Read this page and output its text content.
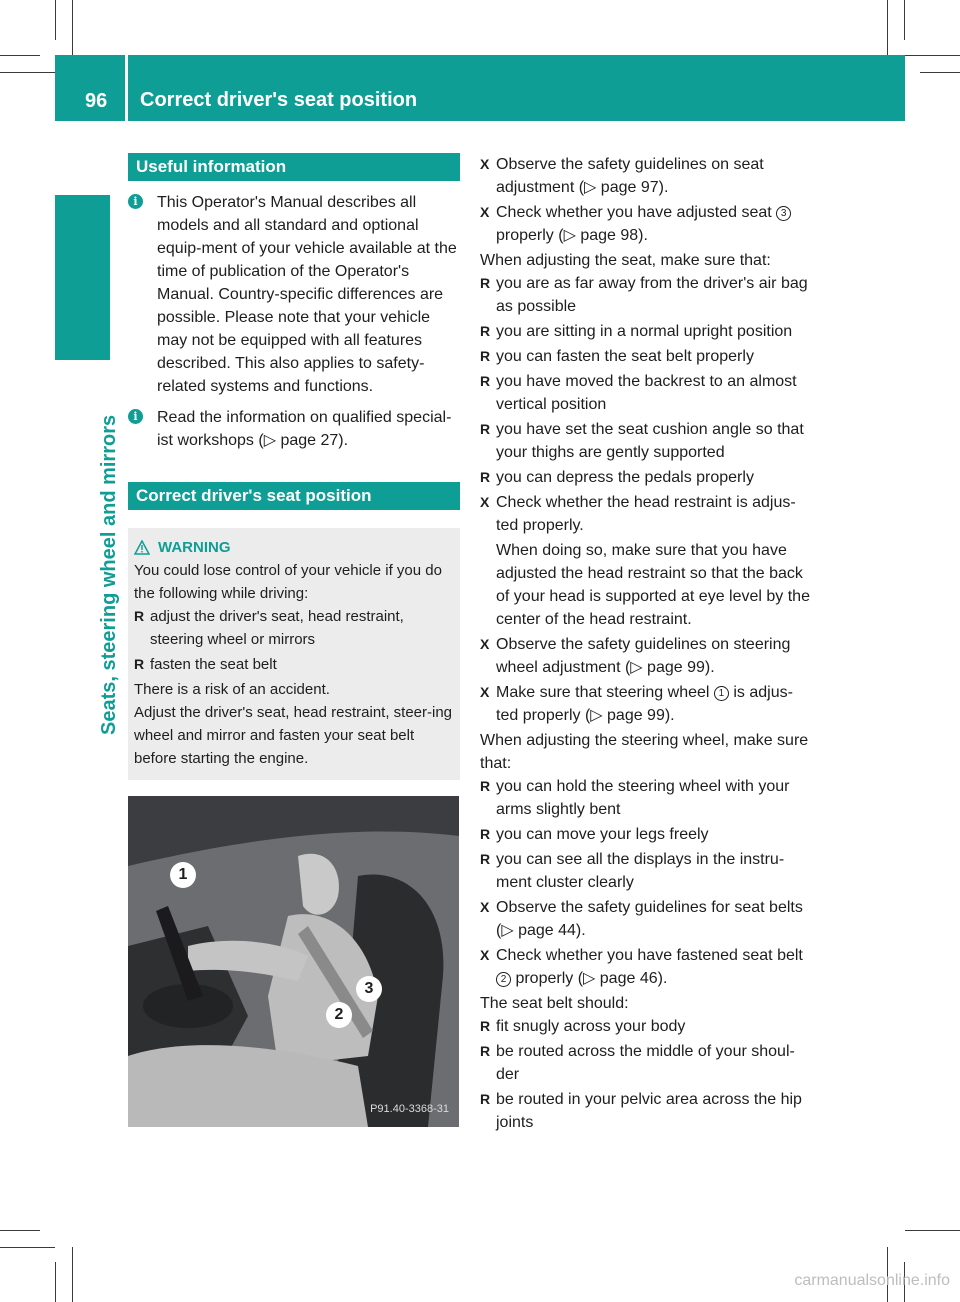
96 Correct driver's seat position
Seats, steering wheel and mirrors
Useful information
i	This Operator's Manual describes all models and all standard and optional equip-ment of your vehicle available at the time of publication of the Operator's Manual. Country-specific differences are possible. Please note that your vehicle may not be equipped with all features described. This also applies to safety-related systems and functions.
i	Read the information on qualified special-ist workshops (▷ page 27).
Correct driver's seat position
WARNING
You could lose control of your vehicle if you do the following while driving:
R adjust the driver's seat, head restraint, steering wheel or mirrors
R fasten the seat belt
There is a risk of an accident.
Adjust the driver's seat, head restraint, steer-ing wheel and mirror and fasten your seat belt before starting the engine.
1
2
3
P91.40-3368-31
X Observe the safety guidelines on seat adjustment (▷ page 97).
X Check whether you have adjusted seat 3 properly (▷ page 98).
When adjusting the seat, make sure that:
R you are as far away from the driver's air bag as possible
R you are sitting in a normal upright position
R you can fasten the seat belt properly
R you have moved the backrest to an almost vertical position
R you have set the seat cushion angle so that your thighs are gently supported
R you can depress the pedals properly
X Check whether the head restraint is adjus-ted properly.
When doing so, make sure that you have adjusted the head restraint so that the back of your head is supported at eye level by the center of the head restraint.
X Observe the safety guidelines on steering wheel adjustment (▷ page 99).
X Make sure that steering wheel 1 is adjus-ted properly (▷ page 99).
When adjusting the steering wheel, make sure that:
R you can hold the steering wheel with your arms slightly bent
R you can move your legs freely
R you can see all the displays in the instru-ment cluster clearly
X Observe the safety guidelines for seat belts (▷ page 44).
X Check whether you have fastened seat belt 2 properly (▷ page 46).
The seat belt should:
R fit snugly across your body
R be routed across the middle of your shoul-der
R be routed in your pelvic area across the hip joints
carmanualsonline.info
